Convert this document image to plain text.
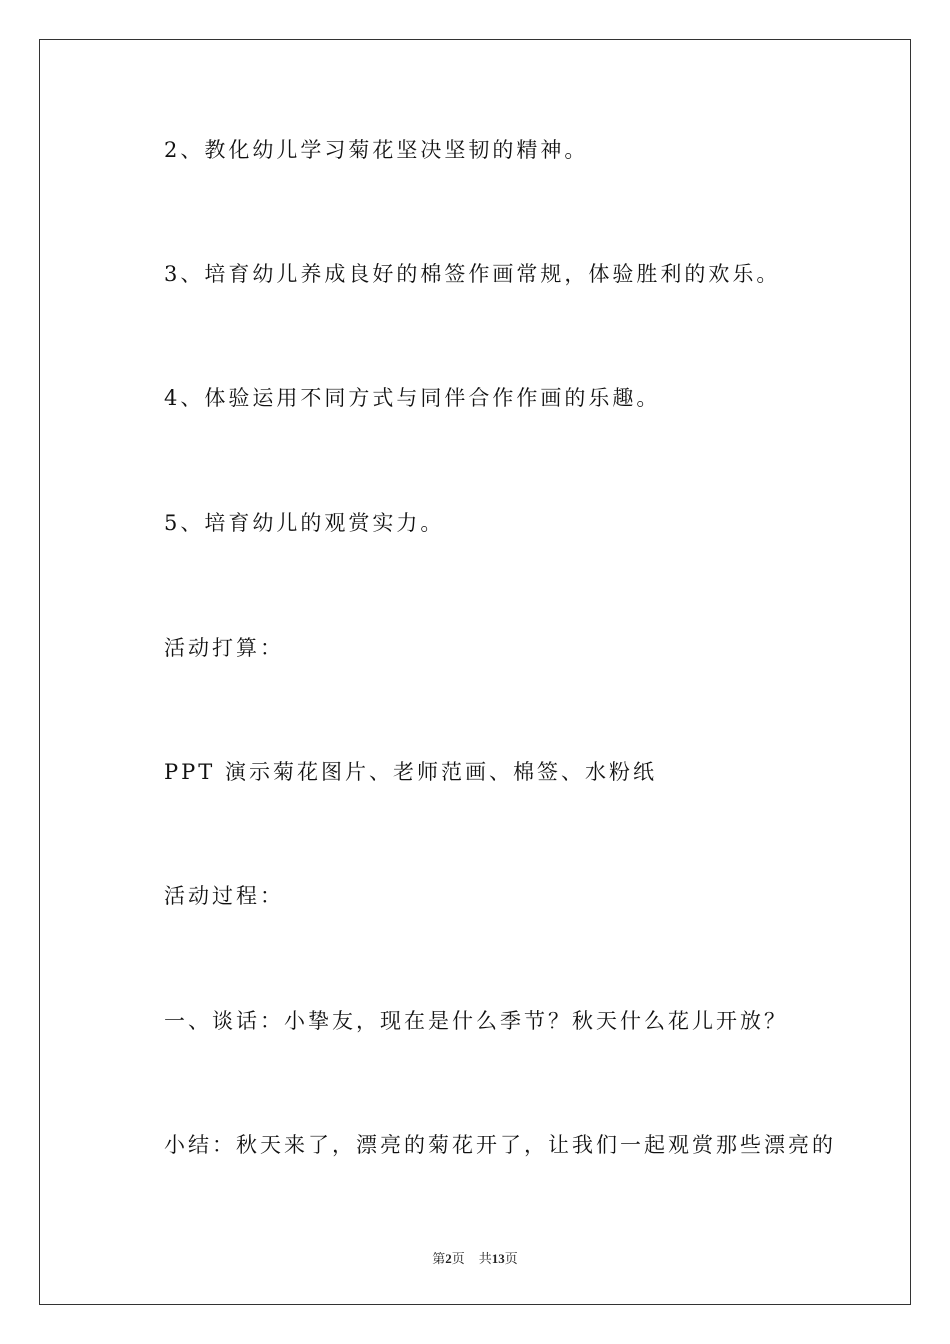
2、教化幼儿学习菊花坚决坚韧的精神。
3、培育幼儿养成良好的棉签作画常规，体验胜利的欢乐。
4、体验运用不同方式与同伴合作作画的乐趣。
5、培育幼儿的观赏实力。
活动打算：
PPT 演示菊花图片、老师范画、棉签、水粉纸
活动过程：
一、谈话：小挚友，现在是什么季节？秋天什么花儿开放？
小结：秋天来了，漂亮的菊花开了，让我们一起观赏那些漂亮的
第2页 共13页
